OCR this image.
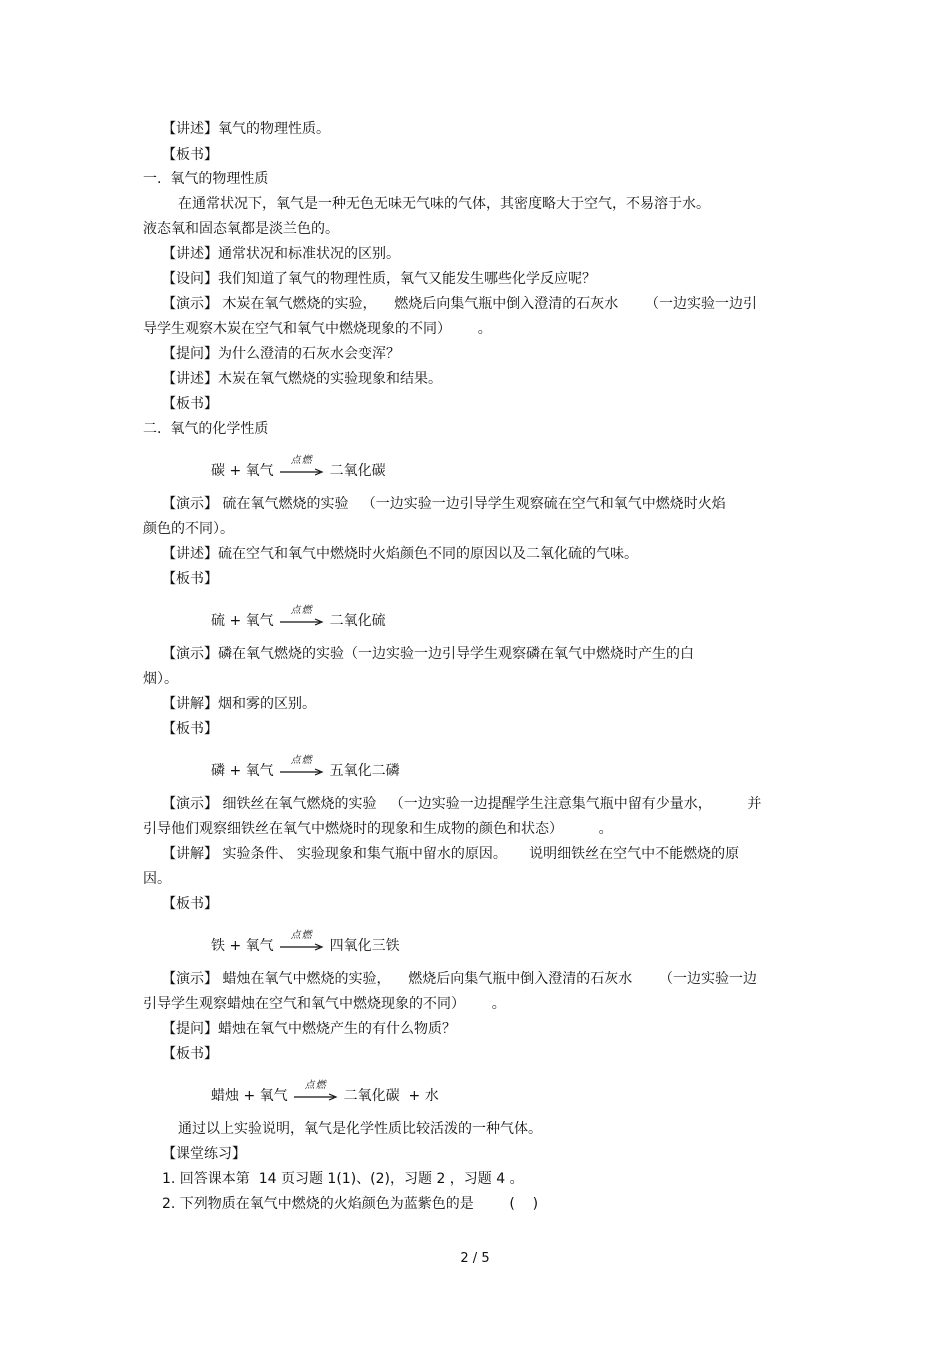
【讲述】氧气的物理性质。
【板书】
一.  氧气的物理性质
在通常状况下，氧气是一种无色无味无气味的气体，其密度略大于空气，不易溶于水。
液态氧和固态氧都是淡兰色的。
【讲述】通常状况和标准状况的区别。
【设问】我们知道了氧气的物理性质，氧气又能发生哪些化学反应呢？
【演示】 木炭在氧气燃烧的实验，    燃烧后向集气瓶中倒入澄清的石灰水      （一边实验一边引
导学生观察木炭在空气和氧气中燃烧现象的不同）      。
【提问】为什么澄清的石灰水会变浑？
【讲述】木炭在氧气燃烧的实验现象和结果。
【板书】
二.  氧气的化学性质
【演示】 硫在氧气燃烧的实验   （一边实验一边引导学生观察硫在空气和氧气中燃烧时火焰
颜色的不同）。
【讲述】硫在空气和氧气中燃烧时火焰颜色不同的原因以及二氧化硫的气味。
【板书】
【演示】磷在氧气燃烧的实验（一边实验一边引导学生观察磷在氧气中燃烧时产生的白
烟）。
【讲解】烟和雾的区别。
【板书】
【演示】 细铁丝在氧气燃烧的实验   （一边实验一边提醒学生注意集气瓶中留有少量水，        并
引导他们观察细铁丝在氧气中燃烧时的现象和生成物的颜色和状态）        。
【讲解】 实验条件、 实验现象和集气瓶中留水的原因。     说明细铁丝在空气中不能燃烧的原
因。
【板书】
【演示】 蜡烛在氧气中燃烧的实验，    燃烧后向集气瓶中倒入澄清的石灰水      （一边实验一边
引导学生观察蜡烛在空气和氧气中燃烧现象的不同）      。
【提问】蜡烛在氧气中燃烧产生的有什么物质？
【板书】
通过以上实验说明，氧气是化学性质比较活泼的一种气体。
【课堂练习】
1. 回答课本第  14 页习题 1(1)、(2)，习题 2 ，习题 4 。
2. 下列物质在氧气中燃烧的火焰颜色为蓝紫色的是        (    )
碳 + 氧气
点燃
二氧化碳
硫 + 氧气
点燃
二氧化硫
磷 + 氧气
点燃
五氧化二磷
铁 + 氧气
点燃
四氧化三铁
蜡烛 + 氧气
点燃
二氧化碳  + 水
2 / 5
